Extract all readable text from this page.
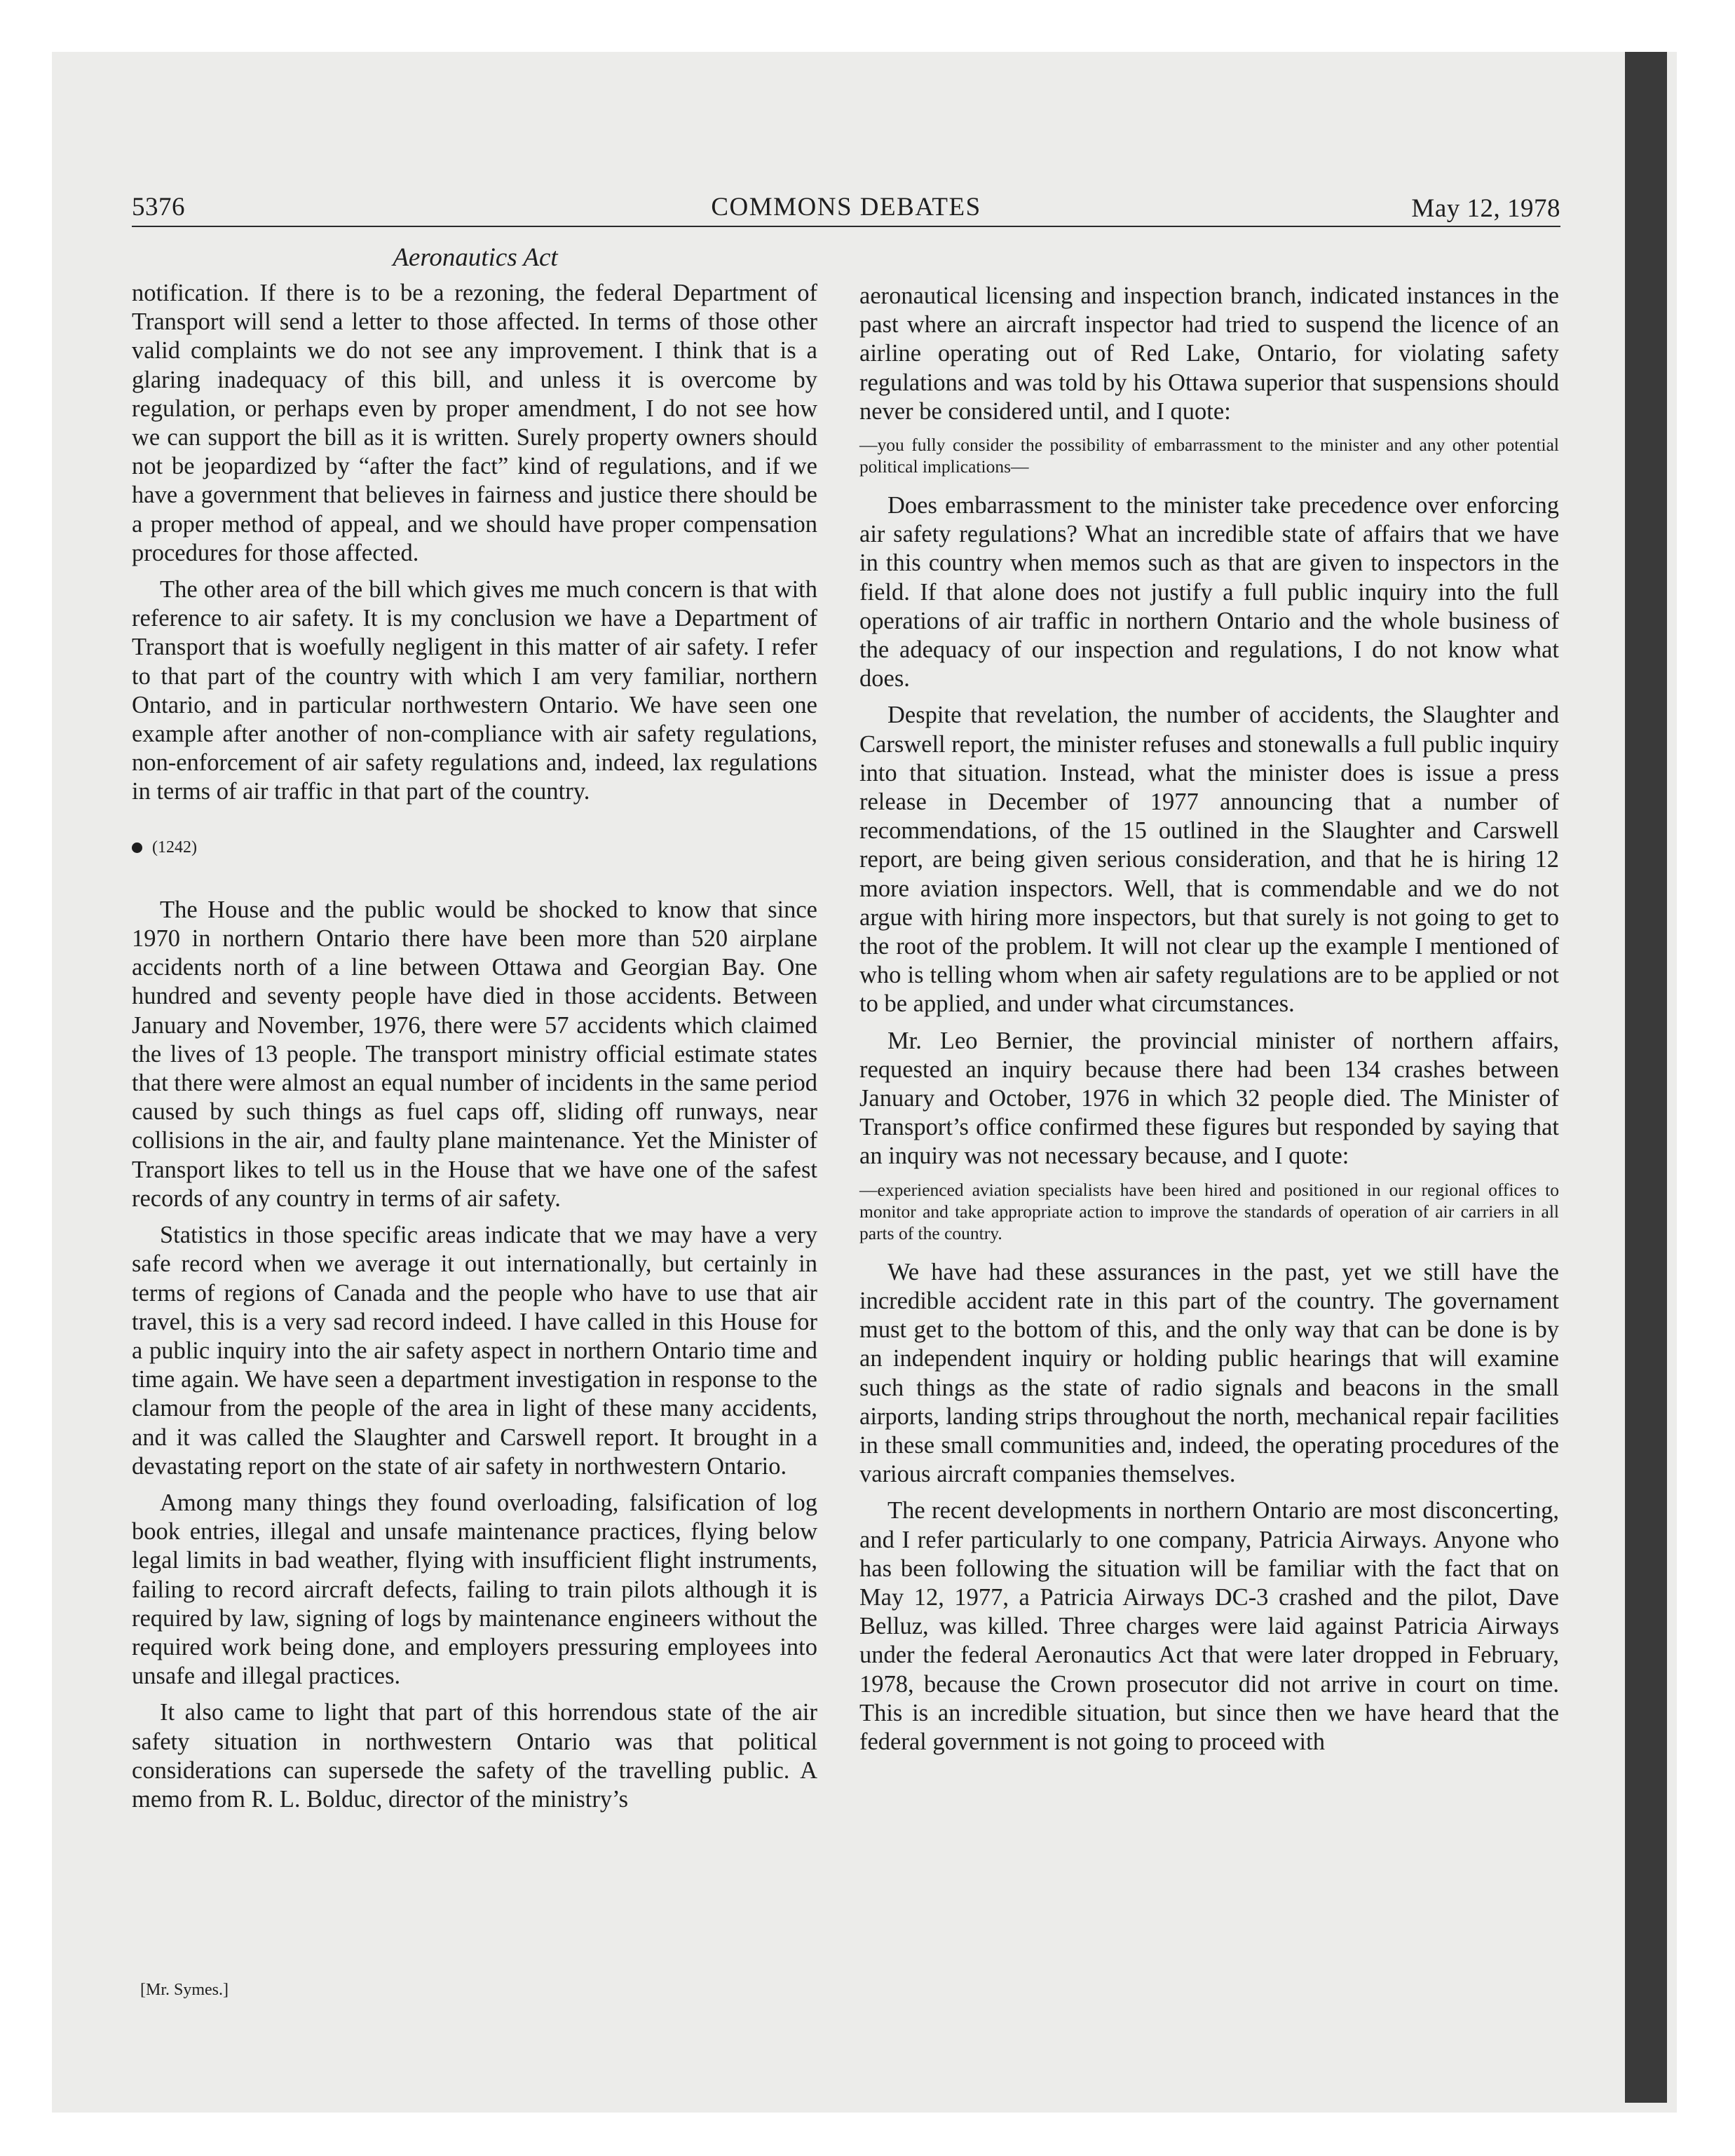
5376	COMMONS DEBATES	May 12, 1978
Aeronautics Act

notification. If there is to be a rezoning, the federal Department of Transport will send a letter to those affected. In terms of those other valid complaints we do not see any improvement. I think that is a glaring inadequacy of this bill, and unless it is overcome by regulation, or perhaps even by proper amendment, I do not see how we can support the bill as it is written. Surely property owners should not be jeopardized by “after the fact” kind of regulations, and if we have a government that believes in fairness and justice there should be a proper method of appeal, and we should have proper compensation procedures for those affected.

The other area of the bill which gives me much concern is that with reference to air safety. It is my conclusion we have a Department of Transport that is woefully negligent in this matter of air safety. I refer to that part of the country with which I am very familiar, northern Ontario, and in particular northwestern Ontario. We have seen one example after another of non-compliance with air safety regulations, non-enforcement of air safety regulations and, indeed, lax regulations in terms of air traffic in that part of the country.

(1242)

The House and the public would be shocked to know that since 1970 in northern Ontario there have been more than 520 airplane accidents north of a line between Ottawa and Georgian Bay. One hundred and seventy people have died in those accidents. Between January and November, 1976, there were 57 accidents which claimed the lives of 13 people. The transport ministry official estimate states that there were almost an equal number of incidents in the same period caused by such things as fuel caps off, sliding off runways, near collisions in the air, and faulty plane maintenance. Yet the Minister of Transport likes to tell us in the House that we have one of the safest records of any country in terms of air safety.

Statistics in those specific areas indicate that we may have a very safe record when we average it out internationally, but certainly in terms of regions of Canada and the people who have to use that air travel, this is a very sad record indeed. I have called in this House for a public inquiry into the air safety aspect in northern Ontario time and time again. We have seen a department investigation in response to the clamour from the people of the area in light of these many accidents, and it was called the Slaughter and Carswell report. It brought in a devastating report on the state of air safety in northwestern Ontario.

Among many things they found overloading, falsification of log book entries, illegal and unsafe maintenance practices, flying below legal limits in bad weather, flying with insufficient flight instruments, failing to record aircraft defects, failing to train pilots although it is required by law, signing of logs by maintenance engineers without the required work being done, and employers pressuring employees into unsafe and illegal practices.

It also came to light that part of this horrendous state of the air safety situation in northwestern Ontario was that political considerations can supersede the safety of the travelling public. A memo from R. L. Bolduc, director of the ministry’s

aeronautical licensing and inspection branch, indicated instances in the past where an aircraft inspector had tried to suspend the licence of an airline operating out of Red Lake, Ontario, for violating safety regulations and was told by his Ottawa superior that suspensions should never be considered until, and I quote:

—you fully consider the possibility of embarrassment to the minister and any other potential political implications—

Does embarrassment to the minister take precedence over enforcing air safety regulations? What an incredible state of affairs that we have in this country when memos such as that are given to inspectors in the field. If that alone does not justify a full public inquiry into the full operations of air traffic in northern Ontario and the whole business of the adequacy of our inspection and regulations, I do not know what does.

Despite that revelation, the number of accidents, the Slaughter and Carswell report, the minister refuses and stonewalls a full public inquiry into that situation. Instead, what the minister does is issue a press release in December of 1977 announcing that a number of recommendations, of the 15 outlined in the Slaughter and Carswell report, are being given serious consideration, and that he is hiring 12 more aviation inspectors. Well, that is commendable and we do not argue with hiring more inspectors, but that surely is not going to get to the root of the problem. It will not clear up the example I mentioned of who is telling whom when air safety regulations are to be applied or not to be applied, and under what circumstances.

Mr. Leo Bernier, the provincial minister of northern affairs, requested an inquiry because there had been 134 crashes between January and October, 1976 in which 32 people died. The Minister of Transport’s office confirmed these figures but responded by saying that an inquiry was not necessary because, and I quote:

—experienced aviation specialists have been hired and positioned in our regional offices to monitor and take appropriate action to improve the standards of operation of air carriers in all parts of the country.

We have had these assurances in the past, yet we still have the incredible accident rate in this part of the country. The governament must get to the bottom of this, and the only way that can be done is by an independent inquiry or holding public hearings that will examine such things as the state of radio signals and beacons in the small airports, landing strips throughout the north, mechanical repair facilities in these small communities and, indeed, the operating procedures of the various aircraft companies themselves.

The recent developments in northern Ontario are most disconcerting, and I refer particularly to one company, Patricia Airways. Anyone who has been following the situation will be familiar with the fact that on May 12, 1977, a Patricia Airways DC-3 crashed and the pilot, Dave Belluz, was killed. Three charges were laid against Patricia Airways under the federal Aeronautics Act that were later dropped in February, 1978, because the Crown prosecutor did not arrive in court on time. This is an incredible situation, but since then we have heard that the federal government is not going to proceed with

[Mr. Symes.]
